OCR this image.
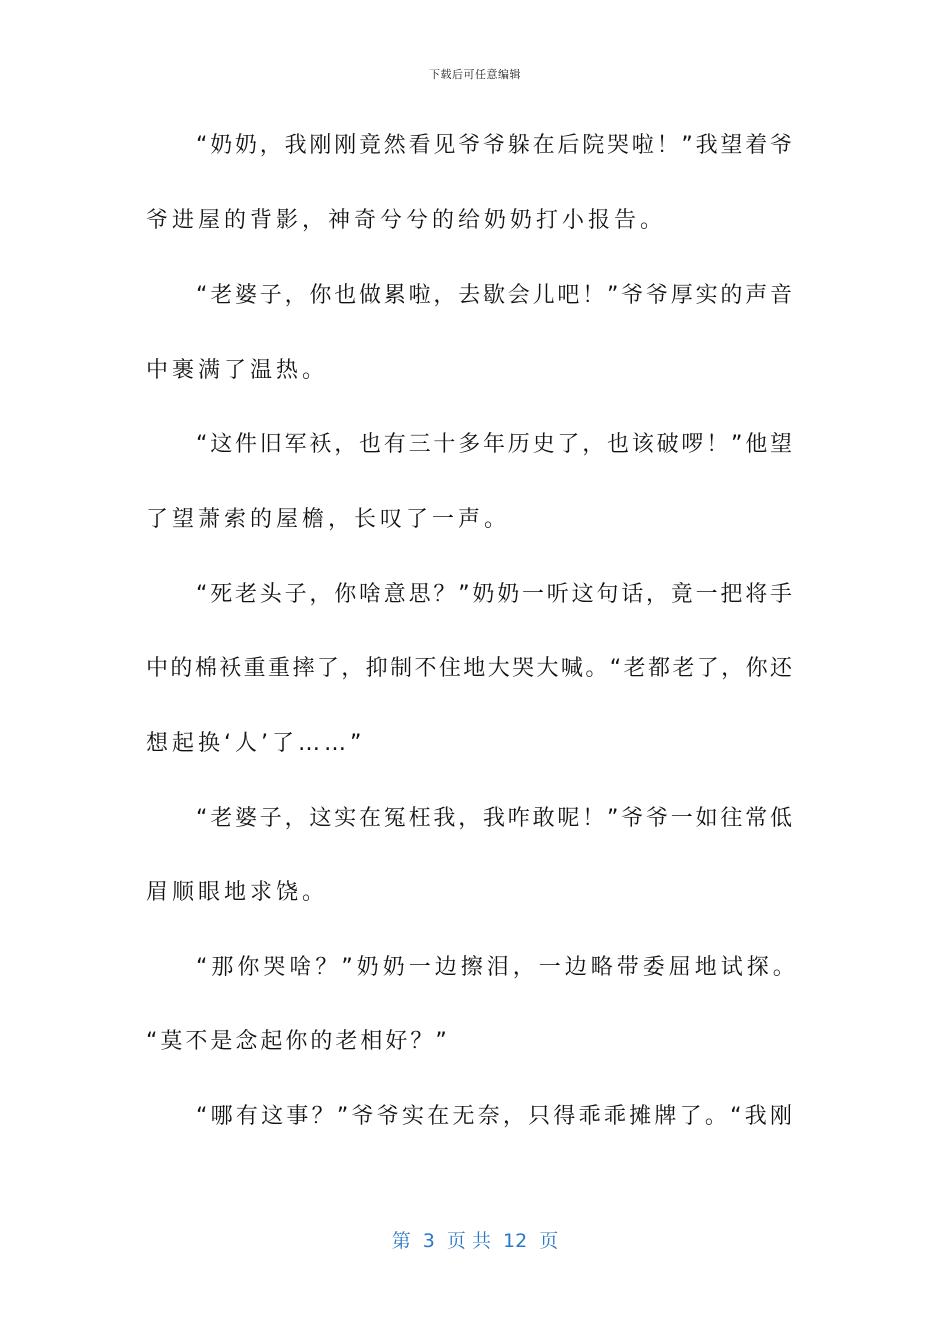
下载后可任意编辑
“奶奶，我刚刚竟然看见爷爷躲在后院哭啦！”我望着爷
爷进屋的背影，神奇兮兮的给奶奶打小报告。
“老婆子，你也做累啦，去歇会儿吧！”爷爷厚实的声音
中裹满了温热。
“这件旧军袄，也有三十多年历史了，也该破啰！”他望
了望萧索的屋檐，长叹了一声。
“死老头子，你啥意思？”奶奶一听这句话，竟一把将手
中的棉袄重重摔了，抑制不住地大哭大喊。“老都老了，你还
想起换‘人’了……”
“老婆子，这实在冤枉我，我咋敢呢！”爷爷一如往常低
眉顺眼地求饶。
“那你哭啥？”奶奶一边擦泪，一边略带委屈地试探。
“莫不是念起你的老相好？”
“哪有这事？”爷爷实在无奈，只得乖乖摊牌了。“我刚
第  3  页 共  12  页
